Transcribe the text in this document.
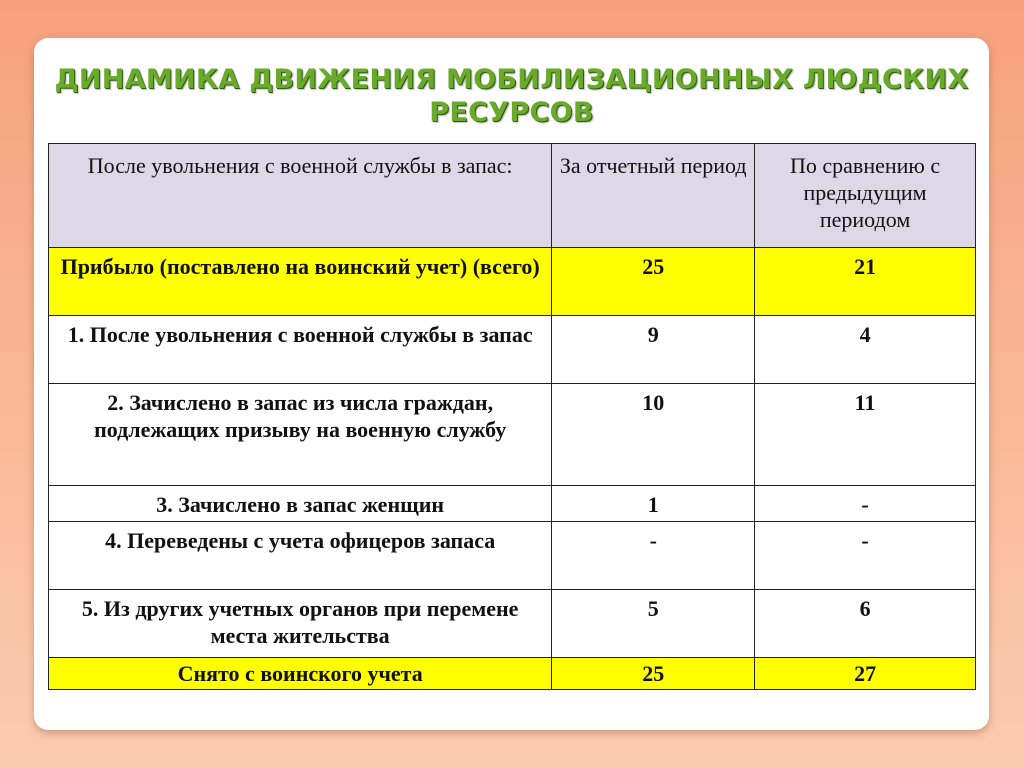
ДИНАМИКА ДВИЖЕНИЯ МОБИЛИЗАЦИОННЫХ ЛЮДСКИХ
РЕСУРСОВ
После увольнения с военной службы в запас:	За отчетный период	По сравнению с предыдущим периодом
Прибыло (поставлено на воинский учет) (всего)	25	21
1. После увольнения с военной службы в запас	9	4
2. Зачислено в запас из числа граждан, подлежащих призыву на военную службу	10	11
3. Зачислено в запас женщин	1	-
4. Переведены с учета офицеров запаса	-	-
5. Из других учетных органов при перемене места жительства	5	6
Снято с воинского учета	25	27
